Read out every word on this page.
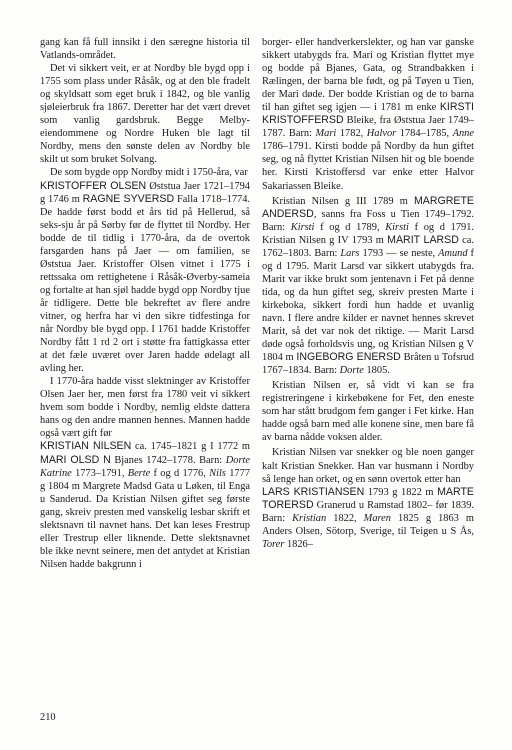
gang kan få full innsikt i den særegne historia til Vatlands-området.

Det vi sikkert veit, er at Nordby ble bygd opp i 1755 som plass under Råsåk, og at den ble fradelt og skyldsatt som eget bruk i 1842, og ble vanlig sjøleierbruk fra 1867. Deretter har det vært drevet som vanlig gardsbruk. Begge Melby-eiendommene og Nordre Huken ble lagt til Nordby, mens den sønste delen av Nordby ble skilt ut som bruket Solvang.

De som bygde opp Nordby midt i 1750-åra, var

KRISTOFFER OLSEN Øststua Jaer 1721–1794 g 1746 m RAGNE SYVERSD Falla 1718–1774. De hadde først bodd et års tid på Hellerud, så seks-sju år på Sørby før de flyttet til Nordby. Her bodde de til tidlig i 1770-åra, da de overtok farsgarden hans på Jaer — om familien, se Øststua Jaer. Kristoffer Olsen vitnet i 1775 i rettssaka om rettighetene i Råsåk-Øverby-sameia og fortalte at han sjøl hadde bygd opp Nordby tjue år tidligere. Dette ble bekreftet av flere andre vitner, og herfra har vi den sikre tidfestinga for når Nordby ble bygd opp. I 1761 hadde Kristoffer Nordby fått 1 rd 2 ort i støtte fra fattigkassa etter at det fæle uværet over Jaren hadde ødelagt all avling her.

I 1770-åra hadde visst slektninger av Kristoffer Olsen Jaer her, men først fra 1780 veit vi sikkert hvem som bodde i Nordby, nemlig eldste dattera hans og den andre mannen hennes. Mannen hadde også vært gift før

KRISTIAN NILSEN ca. 1745–1821 g I 1772 m MARI OLSD N Bjanes 1742–1778. Barn: Dorte Katrine 1773–1791, Berte f og d 1776, Nils 1777 g 1804 m Margrete Madsd Gata u Løken, til Enga u Sanderud. Da Kristian Nilsen giftet seg første gang, skreiv presten med vanskelig lesbar skrift et slektsnavn til navnet hans. Det kan leses Frestrup eller Trestrup eller liknende. Dette slektsnavnet ble ikke nevnt seinere, men det antydet at Kristian Nilsen hadde bakgrunn i

borger- eller handverkerslekter, og han var ganske sikkert utabygds fra. Mari og Kristian flyttet mye og bodde på Bjanes, Gata, og Strandbakken i Rælingen, der barna ble født, og på Tøyen u Tien, der Mari døde. Der bodde Kristian og de to barna til han giftet seg igjen — i 1781 m enke KIRSTI KRISTOFFERSD Bleike, fra Øststua Jaer 1749–1787. Barn: Mari 1782, Halvor 1784–1785, Anne 1786–1791. Kirsti bodde på Nordby da hun giftet seg, og nå flyttet Kristian Nilsen hit og ble boende her. Kirsti Kristoffersd var enke etter Halvor Sakariassen Bleike.

Kristian Nilsen g III 1789 m MARGRETE ANDERSD, sanns fra Foss u Tien 1749–1792. Barn: Kirsti f og d 1789, Kirsti f og d 1791. Kristian Nilsen g IV 1793 m MARIT LARSD ca. 1762–1803. Barn: Lars 1793 — se neste, Amund f og d 1795. Marit Larsd var sikkert utabygds fra. Marit var ikke brukt som jentenavn i Fet på denne tida, og da hun giftet seg, skreiv presten Marte i kirkeboka, sikkert fordi hun hadde et uvanlig navn. I flere andre kilder er navnet hennes skrevet Marit, så det var nok det riktige. — Marit Larsd døde også forholdsvis ung, og Kristian Nilsen g V 1804 m INGEBORG ENERSD Bråten u Tofsrud 1767–1834. Barn: Dorte 1805.

Kristian Nilsen er, så vidt vi kan se fra registreringene i kirkebøkene for Fet, den eneste som har stått brudgom fem ganger i Fet kirke. Han hadde også barn med alle konene sine, men bare få av barna nådde voksen alder.

Kristian Nilsen var snekker og ble noen ganger kalt Kristian Snekker. Han var husmann i Nordby så lenge han orket, og en sønn overtok etter han

LARS KRISTIANSEN 1793 g 1822 m MARTE TORERSD Granerud u Ramstad 1802– før 1839. Barn: Kristian 1822, Maren 1825 g 1863 m Anders Olsen, Sötorp, Sverige, til Teigen u S Ås, Torer 1826–

210
